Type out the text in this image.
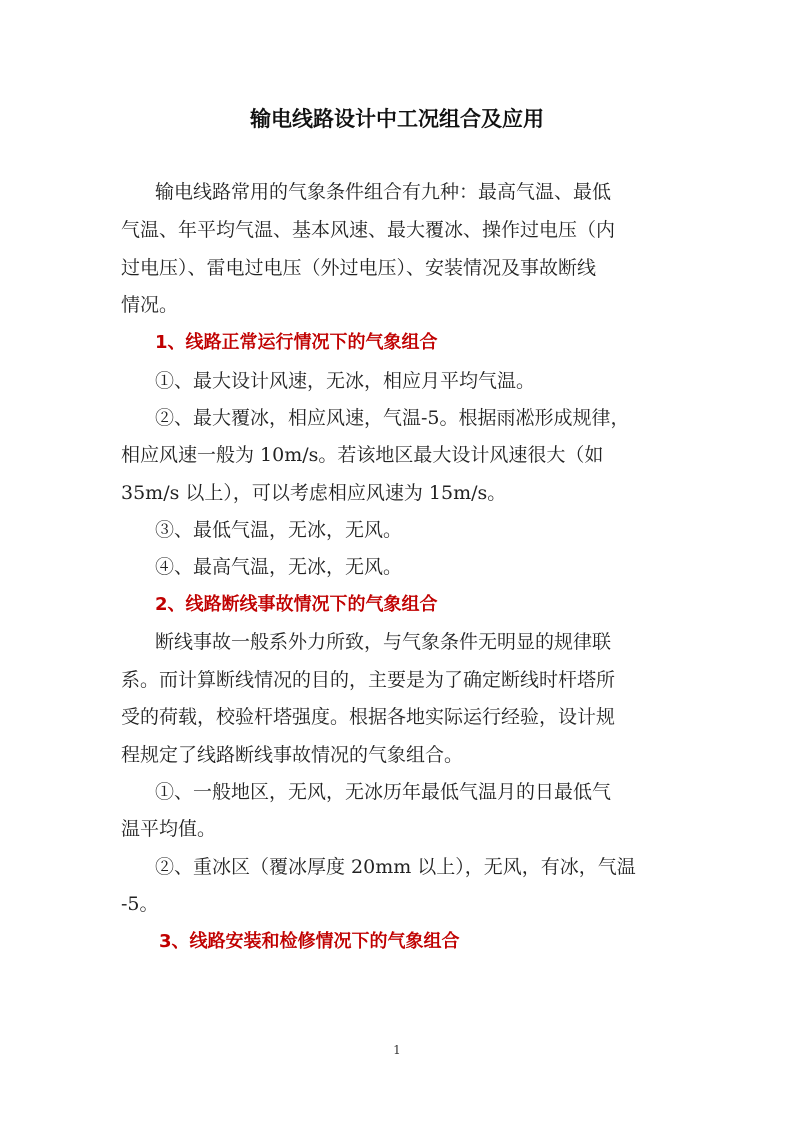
输电线路设计中工况组合及应用
输电线路常用的气象条件组合有九种：最高气温、最低
气温、年平均气温、基本风速、最大覆冰、操作过电压（内
过电压）、雷电过电压（外过电压）、安装情况及事故断线
情况。
1、线路正常运行情况下的气象组合
①、最大设计风速，无冰，相应月平均气温。
②、最大覆冰，相应风速，气温-5。根据雨凇形成规律，
相应风速一般为 10m/s。若该地区最大设计风速很大（如
35m/s 以上），可以考虑相应风速为 15m/s。
③、最低气温，无冰，无风。
④、最高气温，无冰，无风。
2、线路断线事故情况下的气象组合
断线事故一般系外力所致，与气象条件无明显的规律联
系。而计算断线情况的目的，主要是为了确定断线时杆塔所
受的荷载，校验杆塔强度。根据各地实际运行经验，设计规
程规定了线路断线事故情况的气象组合。
①、一般地区，无风，无冰历年最低气温月的日最低气
温平均值。
②、重冰区（覆冰厚度 20mm 以上），无风，有冰，气温
-5。
3、线路安装和检修情况下的气象组合
1
